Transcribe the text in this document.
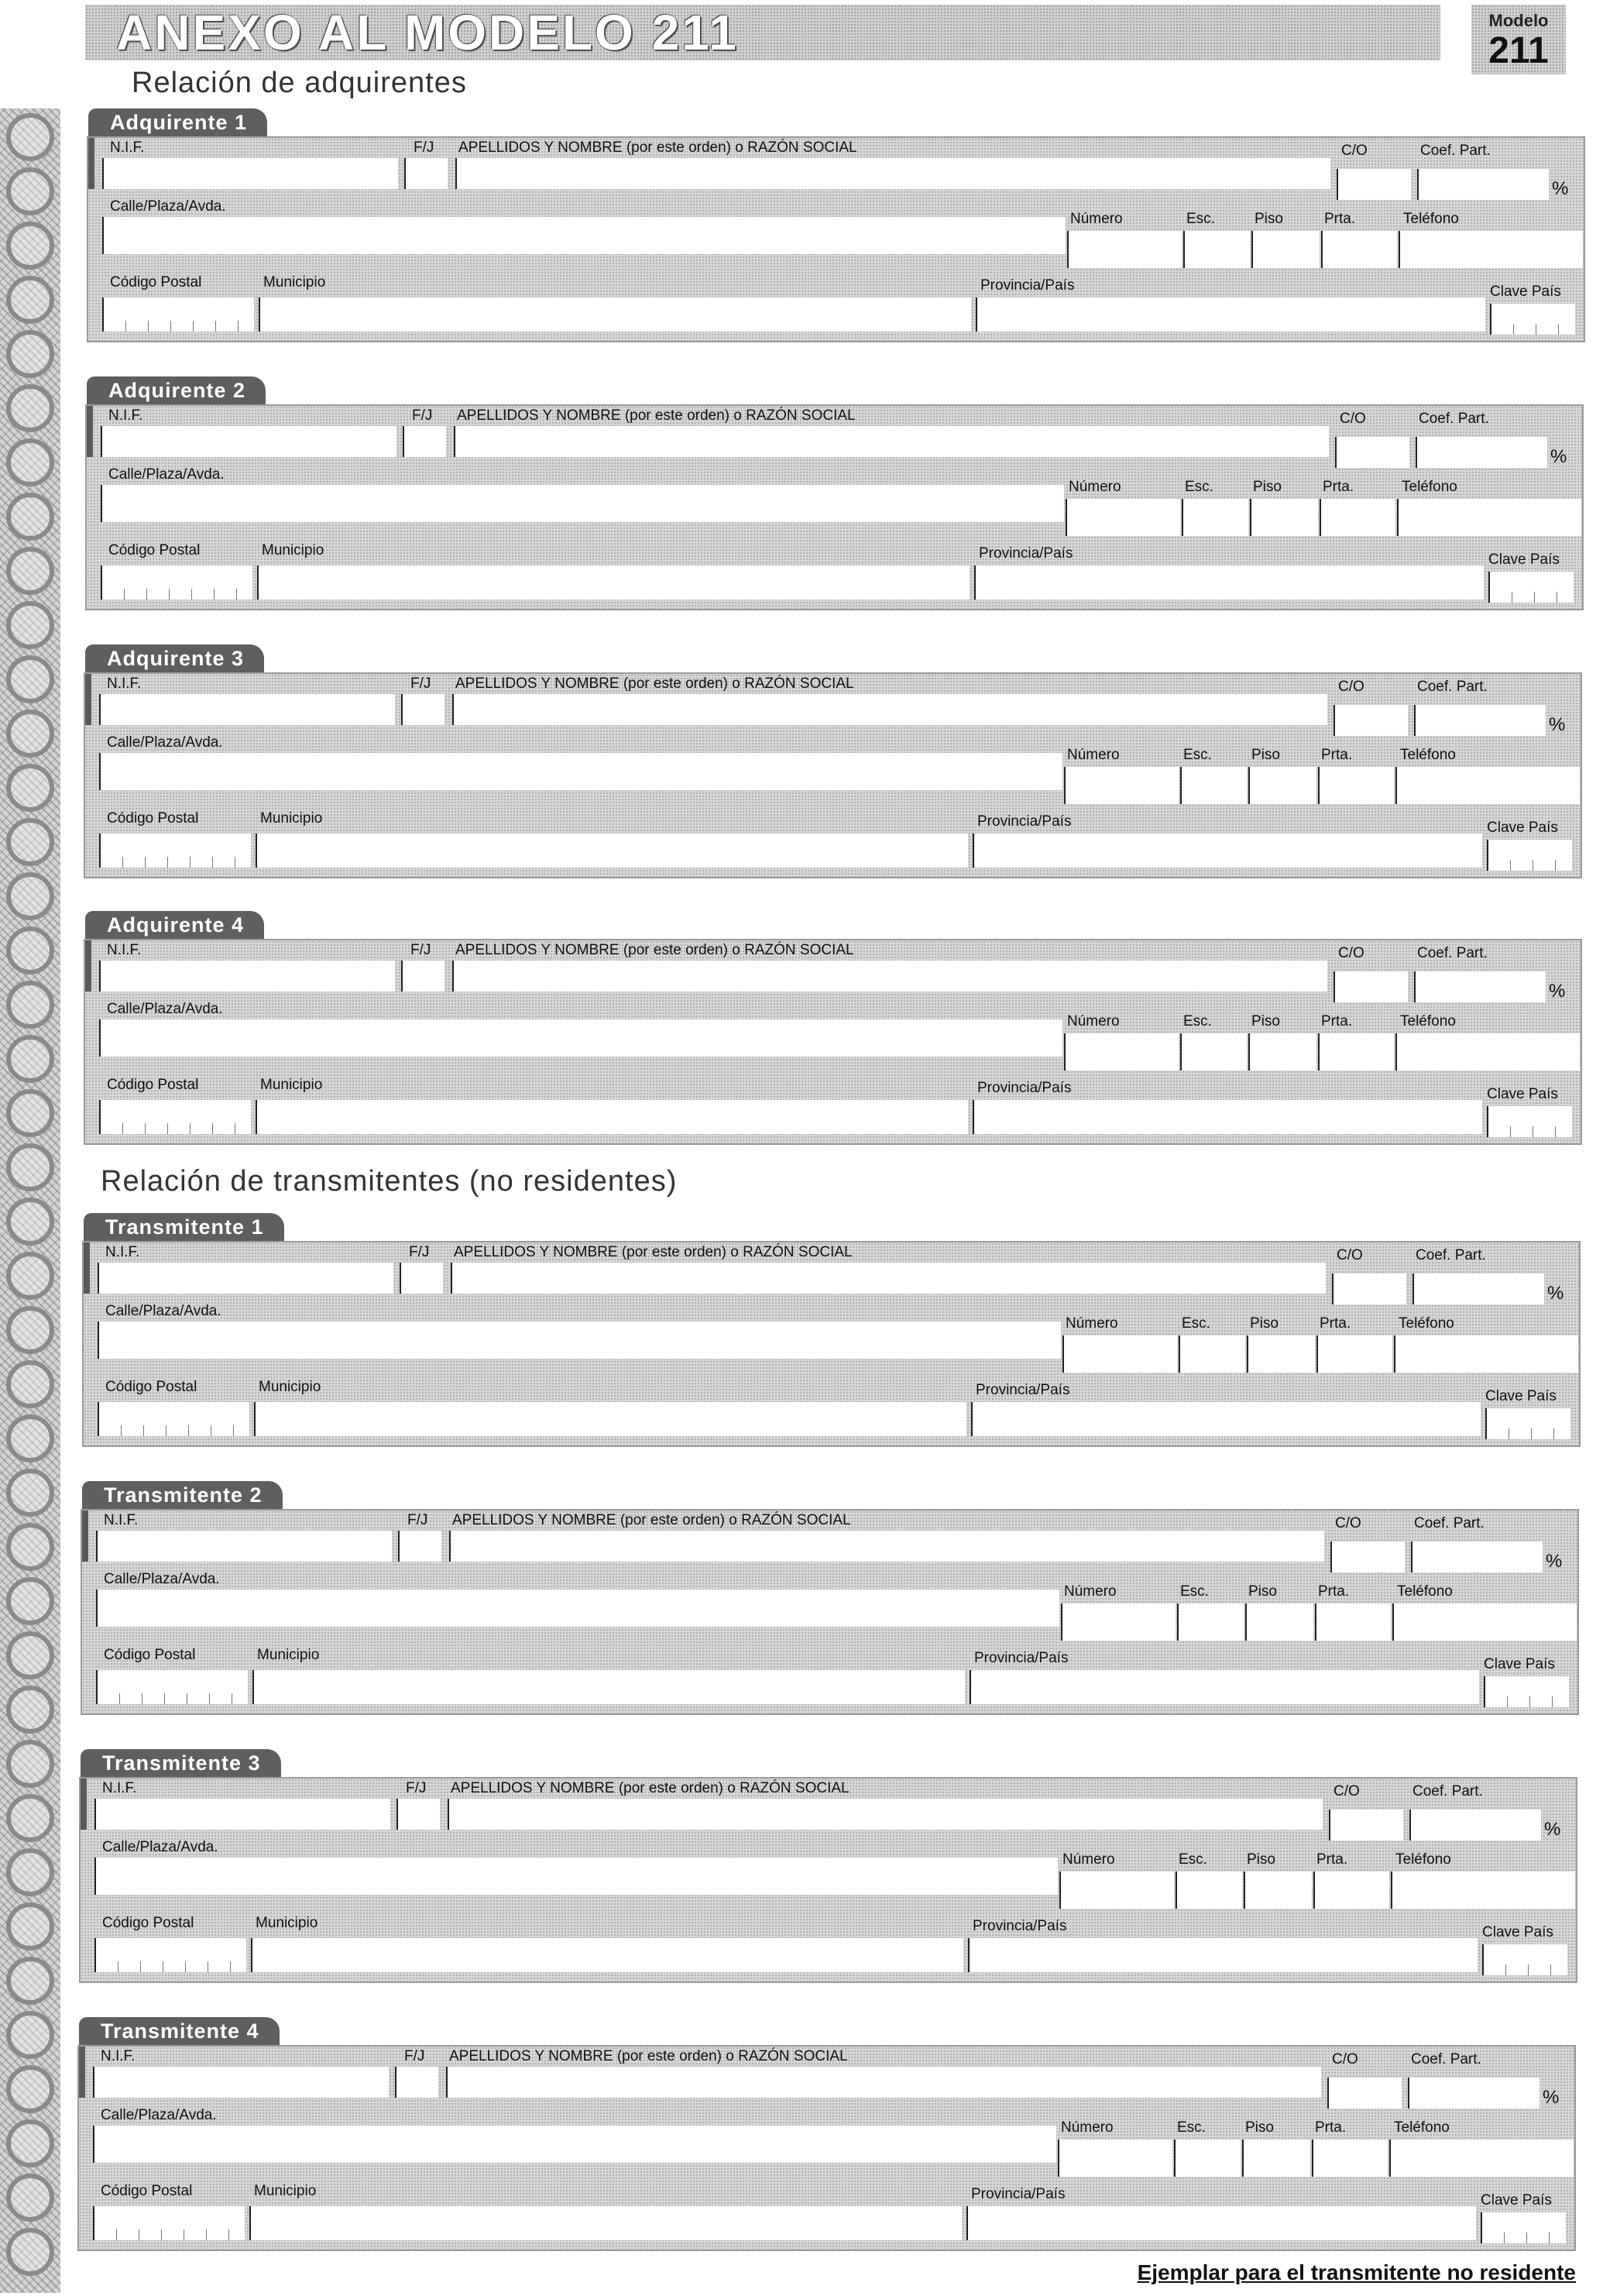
ANEXO AL MODELO 211	Modelo
211
Relación de adquirentes
Relación de transmitentes (no residentes)
Adquirente 1
N.I.F.	F/J APELLIDOS Y NOMBRE (por este orden) o RAZÓN SOCIAL	C/O	Coef. Part.
%
Calle/Plaza/Avda.
Número	Esc.	Piso	Prta.	Teléfono
Código Postal	Municipio	Provincia/País	Clave País
Adquirente 2
N.I.F.	F/J APELLIDOS Y NOMBRE (por este orden) o RAZÓN SOCIAL	C/O	Coef. Part.
%
Calle/Plaza/Avda.
Número	Esc.	Piso	Prta.	Teléfono
Código Postal	Municipio	Provincia/País	Clave País
Adquirente 3
N.I.F.	F/J APELLIDOS Y NOMBRE (por este orden) o RAZÓN SOCIAL	C/O	Coef. Part.
%
Calle/Plaza/Avda.
Número	Esc.	Piso	Prta.	Teléfono
Código Postal	Municipio	Provincia/País	Clave País
Adquirente 4
N.I.F.	F/J APELLIDOS Y NOMBRE (por este orden) o RAZÓN SOCIAL	C/O	Coef. Part.
%
Calle/Plaza/Avda.
Número	Esc.	Piso	Prta.	Teléfono
Código Postal	Municipio	Provincia/País	Clave País
Transmitente 1
N.I.F.	F/J APELLIDOS Y NOMBRE (por este orden) o RAZÓN SOCIAL	C/O	Coef. Part.
%
Calle/Plaza/Avda.
Número	Esc.	Piso	Prta.	Teléfono
Código Postal	Municipio	Provincia/País	Clave País
Transmitente 2
N.I.F.	F/J APELLIDOS Y NOMBRE (por este orden) o RAZÓN SOCIAL	C/O	Coef. Part.
%
Calle/Plaza/Avda.
Número	Esc.	Piso	Prta.	Teléfono
Código Postal	Municipio	Provincia/País	Clave País
Transmitente 3
N.I.F.	F/J APELLIDOS Y NOMBRE (por este orden) o RAZÓN SOCIAL	C/O	Coef. Part.
%
Calle/Plaza/Avda.
Número	Esc.	Piso	Prta.	Teléfono
Código Postal	Municipio	Provincia/País	Clave País
Transmitente 4
N.I.F.	F/J APELLIDOS Y NOMBRE (por este orden) o RAZÓN SOCIAL	C/O	Coef. Part.
%
Calle/Plaza/Avda.
Número	Esc.	Piso	Prta.	Teléfono
Código Postal	Municipio	Provincia/País	Clave País
Ejemplar para el transmitente no residente
